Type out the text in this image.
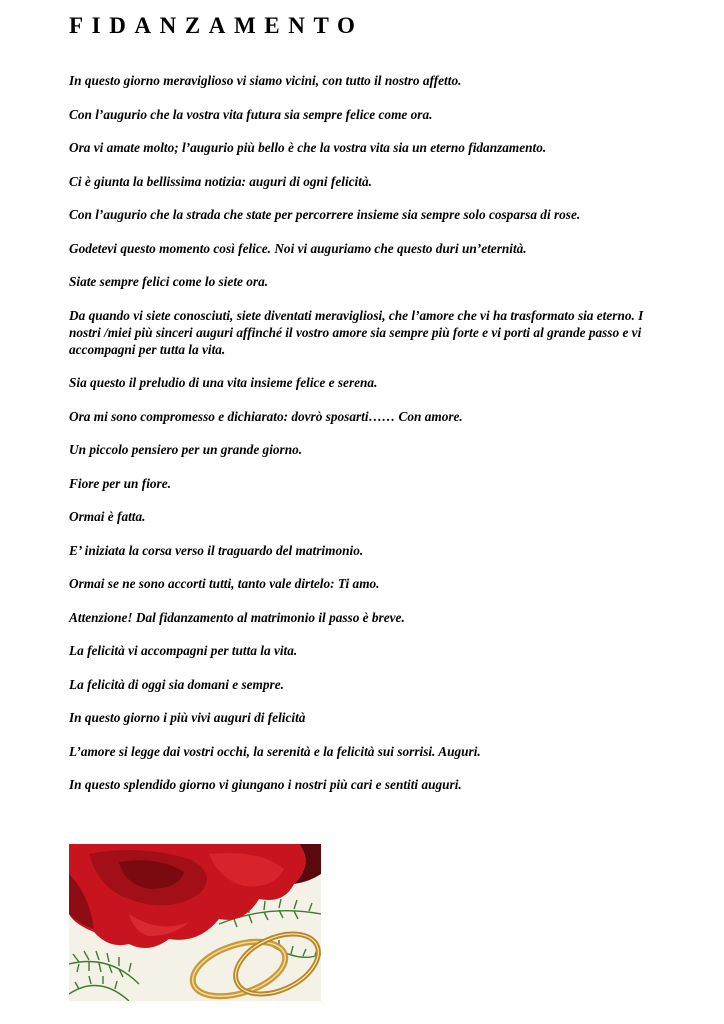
FIDANZAMENTO
In questo giorno meraviglioso vi siamo vicini, con tutto il nostro affetto.
Con l’augurio che la vostra vita futura sia sempre felice come ora.
Ora vi amate molto; l’augurio più bello è che la vostra vita sia un eterno fidanzamento.
Ci è giunta la bellissima notizia: auguri di ogni felicità.
Con l’augurio che la strada che state per percorrere insieme sia sempre solo cosparsa di rose.
Godetevi questo momento così felice. Noi vi auguriamo che questo duri un’eternità.
Siate sempre felici come lo siete ora.
Da quando vi siete conosciuti, siete diventati meravigliosi, che l’amore che vi ha trasformato sia eterno. I nostri /miei più sinceri auguri affinché il vostro amore sia sempre più forte e vi porti al grande passo e vi accompagni per tutta la vita.
Sia questo il preludio di una vita insieme felice e serena.
Ora mi sono compromesso e dichiarato: dovrò sposarti…… Con amore.
Un piccolo pensiero per un grande giorno.
Fiore per un fiore.
Ormai è fatta.
E’ iniziata la corsa verso il traguardo del matrimonio.
Ormai se ne sono accorti tutti, tanto vale dirtelo: Ti amo.
Attenzione! Dal fidanzamento al matrimonio il passo è breve.
La felicità vi accompagni per tutta la vita.
La felicità di oggi sia domani e sempre.
In questo giorno i più vivi auguri di felicità
L’amore si legge dai vostri occhi, la serenità e la felicità sui sorrisi. Auguri.
In questo splendido giorno vi giungano i nostri più cari e sentiti auguri.
